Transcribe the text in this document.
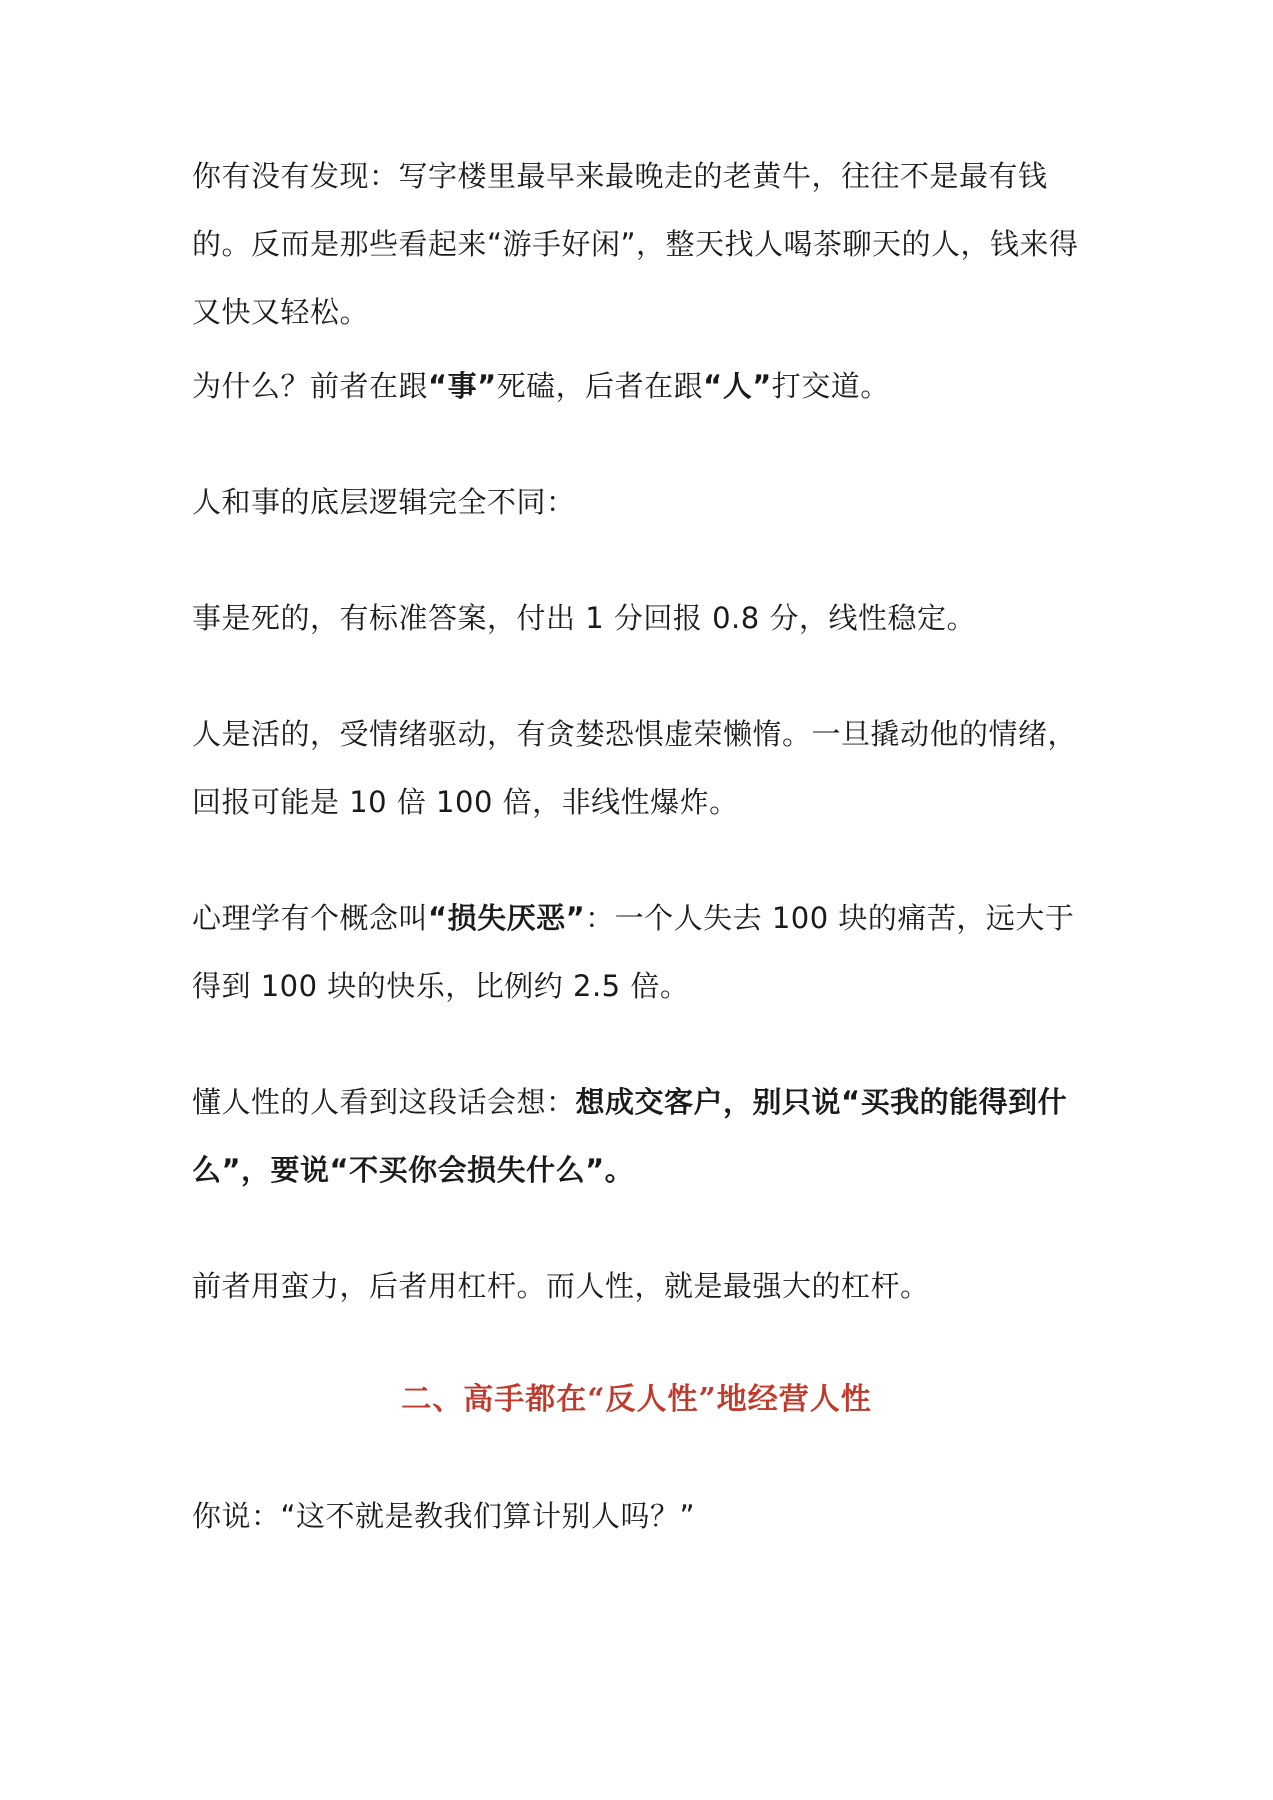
你有没有发现：写字楼里最早来最晚走的老黄牛，往往不是最有钱的。反而是那些看起来“游手好闲”，整天找人喝茶聊天的人，钱来得又快又轻松。

为什么？前者在跟“事”死磕，后者在跟“人”打交道。

人和事的底层逻辑完全不同：

事是死的，有标准答案，付出 1 分回报 0.8 分，线性稳定。

人是活的，受情绪驱动，有贪婪恐惧虚荣懒惰。一旦撬动他的情绪，回报可能是 10 倍 100 倍，非线性爆炸。

心理学有个概念叫“损失厌恶”：一个人失去 100 块的痛苦，远大于得到 100 块的快乐，比例约 2.5 倍。

懂人性的人看到这段话会想：想成交客户，别只说“买我的能得到什么”，要说“不买你会损失什么”。

前者用蛮力，后者用杠杆。而人性，就是最强大的杠杆。

二、高手都在“反人性”地经营人性

你说：“这不就是教我们算计别人吗？”
